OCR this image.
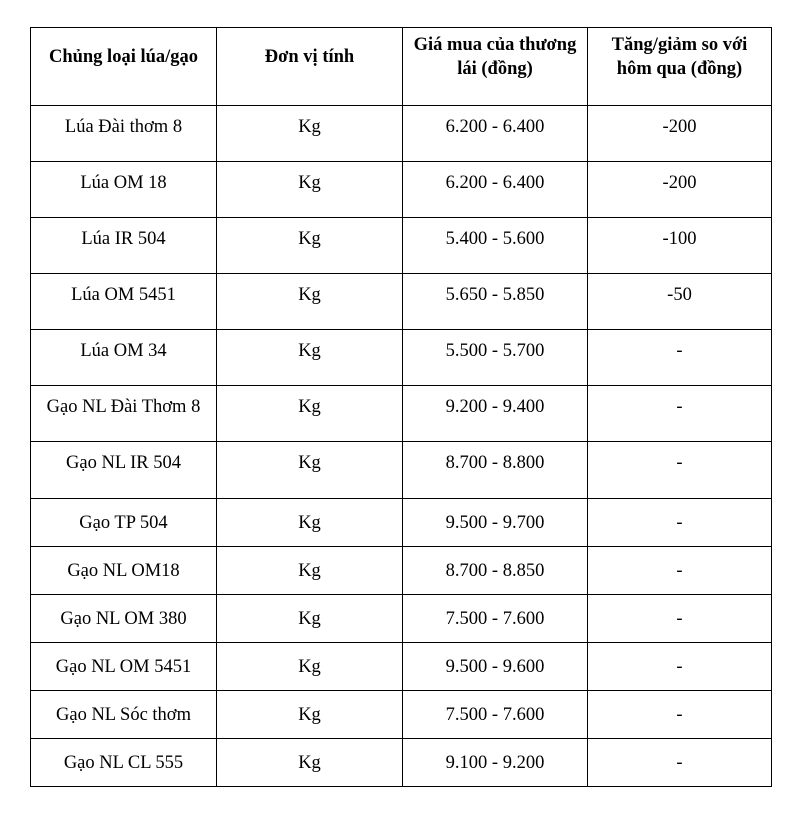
Chủng loại lúa/gạo	Đơn vị tính	Giá mua của thương lái (đồng)	Tăng/giảm so với hôm qua (đồng)
Lúa Đài thơm 8	Kg	6.200 - 6.400	-200
Lúa OM 18	Kg	6.200 - 6.400	-200
Lúa IR 504	Kg	5.400 - 5.600	-100
Lúa OM 5451	Kg	5.650 - 5.850	-50
Lúa OM 34	Kg	5.500 - 5.700	-
Gạo NL Đài Thơm 8	Kg	9.200 - 9.400	-
Gạo NL IR 504	Kg	8.700 - 8.800	-
Gạo TP 504	Kg	9.500 - 9.700	-
Gạo NL OM18	Kg	8.700 - 8.850	-
Gạo NL OM 380	Kg	7.500 - 7.600	-
Gạo NL OM 5451	Kg	9.500 - 9.600	-
Gạo NL Sóc thơm	Kg	7.500 - 7.600	-
Gạo NL CL 555	Kg	9.100 - 9.200	-
